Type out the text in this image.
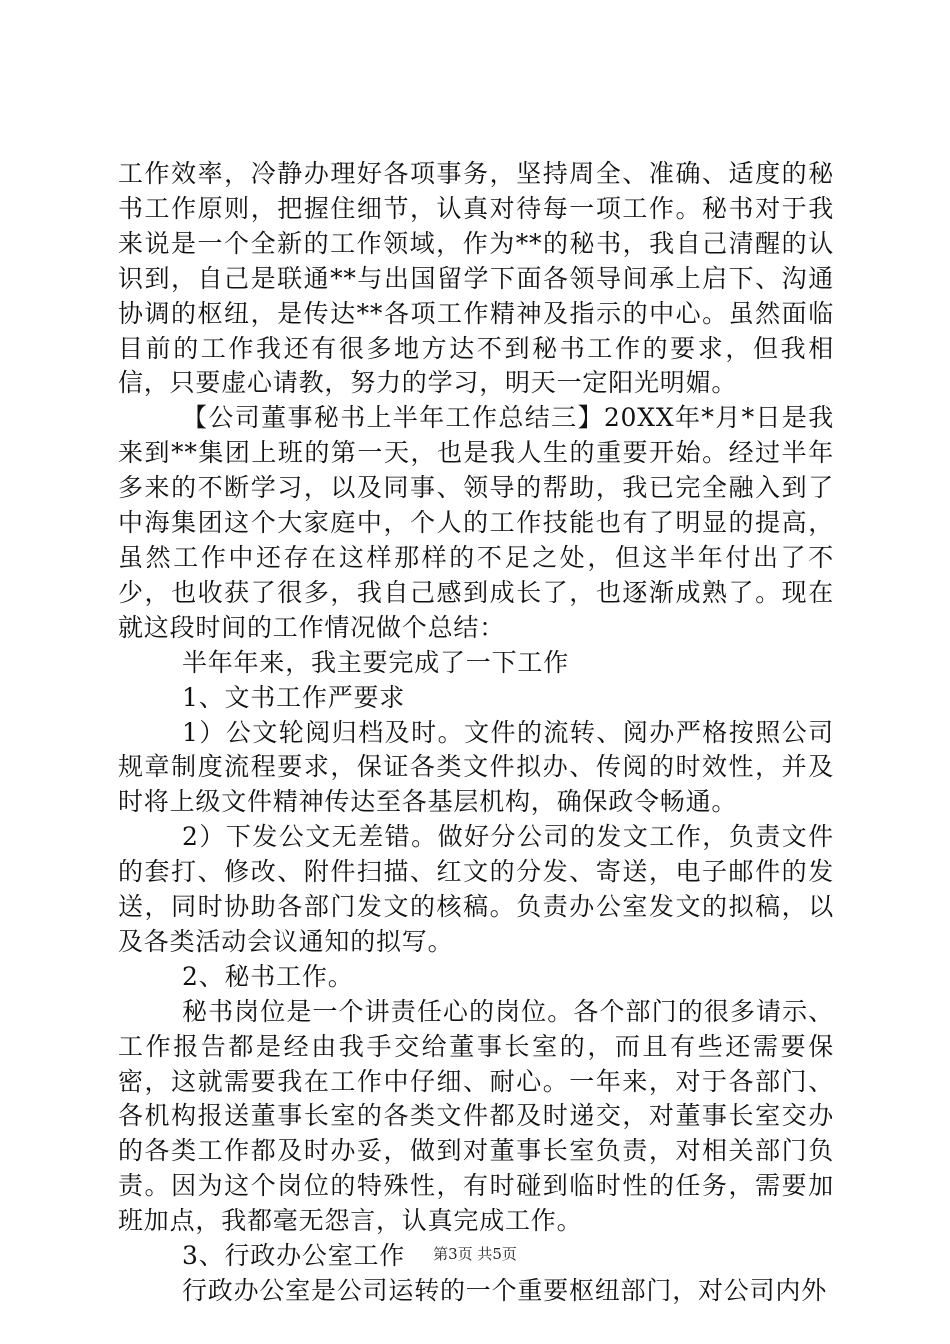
工作效率，冷静办理好各项事务，坚持周全、准确、适度的秘书工作原则，把握住细节，认真对待每一项工作。秘书对于我来说是一个全新的工作领域，作为**的秘书，我自己清醒的认识到，自己是联通**与出国留学下面各领导间承上启下、沟通协调的枢纽，是传达**各项工作精神及指示的中心。虽然面临目前的工作我还有很多地方达不到秘书工作的要求，但我相信，只要虚心请教，努力的学习，明天一定阳光明媚。

【公司董事秘书上半年工作总结三】20XX年*月*日是我来到**集团上班的第一天，也是我人生的重要开始。经过半年多来的不断学习，以及同事、领导的帮助，我已完全融入到了中海集团这个大家庭中，个人的工作技能也有了明显的提高，虽然工作中还存在这样那样的不足之处，但这半年付出了不少，也收获了很多，我自己感到成长了，也逐渐成熟了。现在就这段时间的工作情况做个总结：

半年年来，我主要完成了一下工作

1、文书工作严要求

1）公文轮阅归档及时。文件的流转、阅办严格按照公司规章制度流程要求，保证各类文件拟办、传阅的时效性，并及时将上级文件精神传达至各基层机构，确保政令畅通。

2）下发公文无差错。做好分公司的发文工作，负责文件的套打、修改、附件扫描、红文的分发、寄送，电子邮件的发送，同时协助各部门发文的核稿。负责办公室发文的拟稿，以及各类活动会议通知的拟写。

2、秘书工作。

秘书岗位是一个讲责任心的岗位。各个部门的很多请示、工作报告都是经由我手交给董事长室的，而且有些还需要保密，这就需要我在工作中仔细、耐心。一年来，对于各部门、各机构报送董事长室的各类文件都及时递交，对董事长室交办的各类工作都及时办妥，做到对董事长室负责，对相关部门负责。因为这个岗位的特殊性，有时碰到临时性的任务，需要加班加点，我都毫无怨言，认真完成工作。

3、行政办公室工作

行政办公室是公司运转的一个重要枢纽部门，对公司内外

第3页 共5页
